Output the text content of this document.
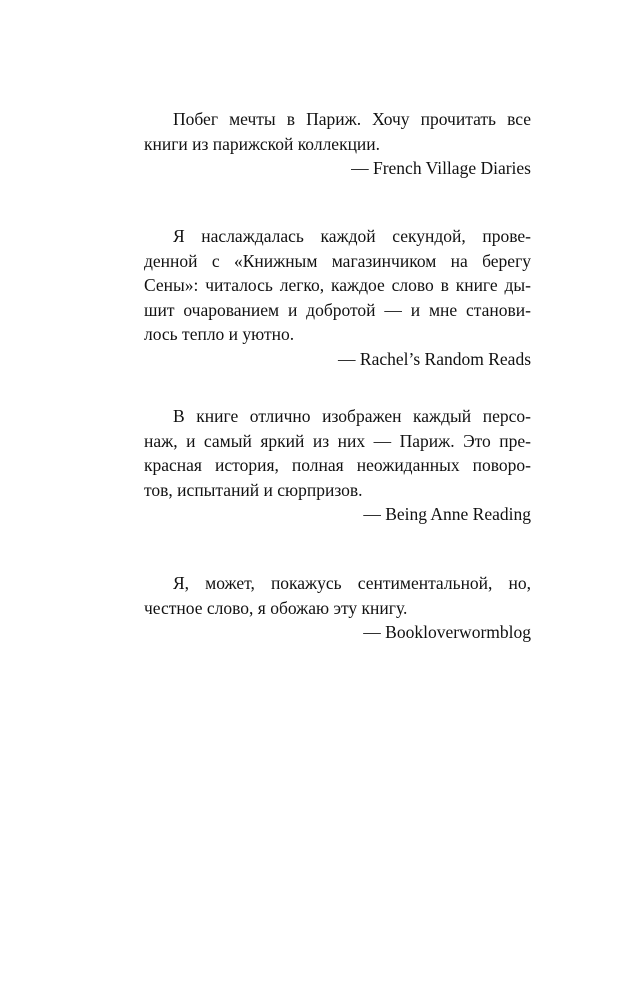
Побег мечты в Париж. Хочу прочитать все
книги из парижской коллекции.
— French Village Diaries
Я наслаждалась каждой секундой, прове-
денной с «Книжным магазинчиком на берегу
Сены»: читалось легко, каждое слово в книге ды-
шит очарованием и добротой — и мне станови-
лось тепло и уютно.
— Rachel’s Random Reads
В книге отлично изображен каждый персо-
наж, и самый яркий из них — Париж. Это пре-
красная история, полная неожиданных поворо-
тов, испытаний и сюрпризов.
— Being Anne Reading
Я, может, покажусь сентиментальной, но,
честное слово, я обожаю эту книгу.
— Bookloverwormblog
